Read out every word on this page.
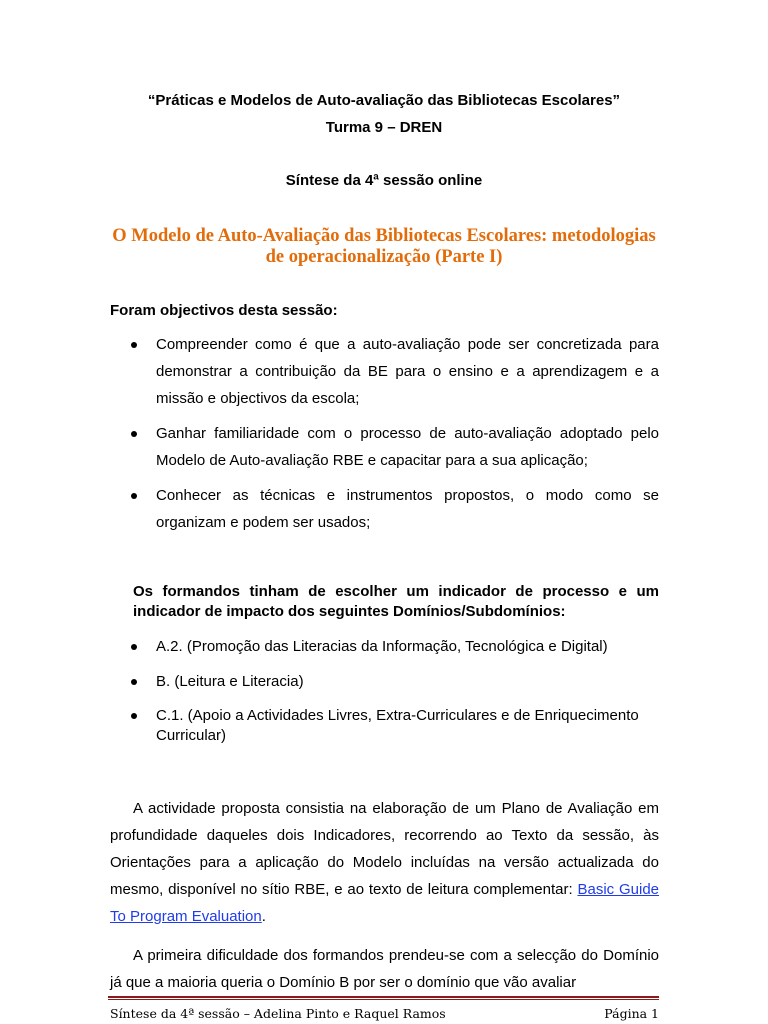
“Práticas e Modelos de Auto-avaliação das Bibliotecas Escolares”
Turma 9 – DREN
Síntese da 4ª sessão online
O Modelo de Auto-Avaliação das Bibliotecas Escolares: metodologias
de operacionalização (Parte I)
Foram objectivos desta sessão:
Compreender como é que a auto-avaliação pode ser concretizada para demonstrar a contribuição da BE para o ensino e a aprendizagem e a missão e objectivos da escola;
Ganhar familiaridade com o processo de auto-avaliação adoptado pelo Modelo de Auto-avaliação RBE e capacitar para a sua aplicação;
Conhecer as técnicas e instrumentos propostos, o modo como se organizam e podem ser usados;
Os formandos tinham de escolher um indicador de processo e um indicador de impacto dos seguintes Domínios/Subdomínios:
A.2. (Promoção das Literacias da Informação, Tecnológica e Digital)
B. (Leitura e Literacia)
C.1. (Apoio a Actividades Livres, Extra-Curriculares e de Enriquecimento Curricular)
A actividade proposta consistia na elaboração de um Plano de Avaliação em profundidade daqueles dois Indicadores, recorrendo ao Texto da sessão, às Orientações para a aplicação do Modelo incluídas na versão actualizada do mesmo, disponível no sítio RBE, e ao texto de leitura complementar: Basic Guide To Program Evaluation.
A primeira dificuldade dos formandos prendeu-se com a selecção do Domínio já que a maioria queria o Domínio B por ser o domínio que vão avaliar
Síntese da 4ª sessão – Adelina Pinto e Raquel Ramos	Página 1
